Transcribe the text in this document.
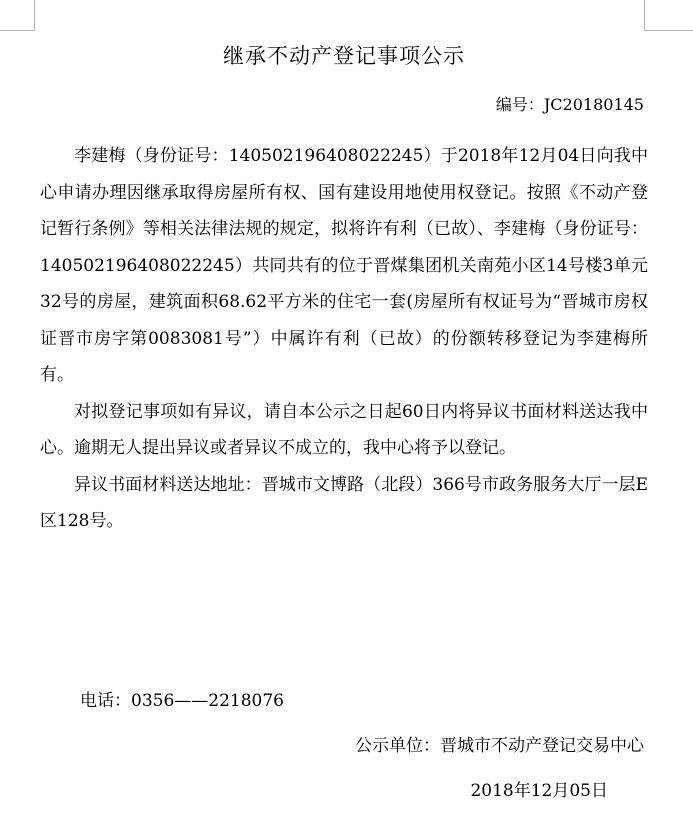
继承不动产登记事项公示
编号：JC20180145

李建梅（身份证号：140502196408022245）于2018年12月04日向我中心申请办理因继承取得房屋所有权、国有建设用地使用权登记。按照《不动产登记暂行条例》等相关法律法规的规定，拟将许有利（已故）、李建梅（身份证号：140502196408022245）共同共有的位于晋煤集团机关南苑小区14号楼3单元32号的房屋，建筑面积68.62平方米的住宅一套(房屋所有权证号为“晋城市房权证晋市房字第0083081号”）中属许有利（已故）的份额转移登记为李建梅所有。

对拟登记事项如有异议，请自本公示之日起60日内将异议书面材料送达我中心。逾期无人提出异议或者异议不成立的，我中心将予以登记。

异议书面材料送达地址：晋城市文博路（北段）366号市政务服务大厅一层E区128号。

电话：0356——2218076
公示单位：晋城市不动产登记交易中心
2018年12月05日
